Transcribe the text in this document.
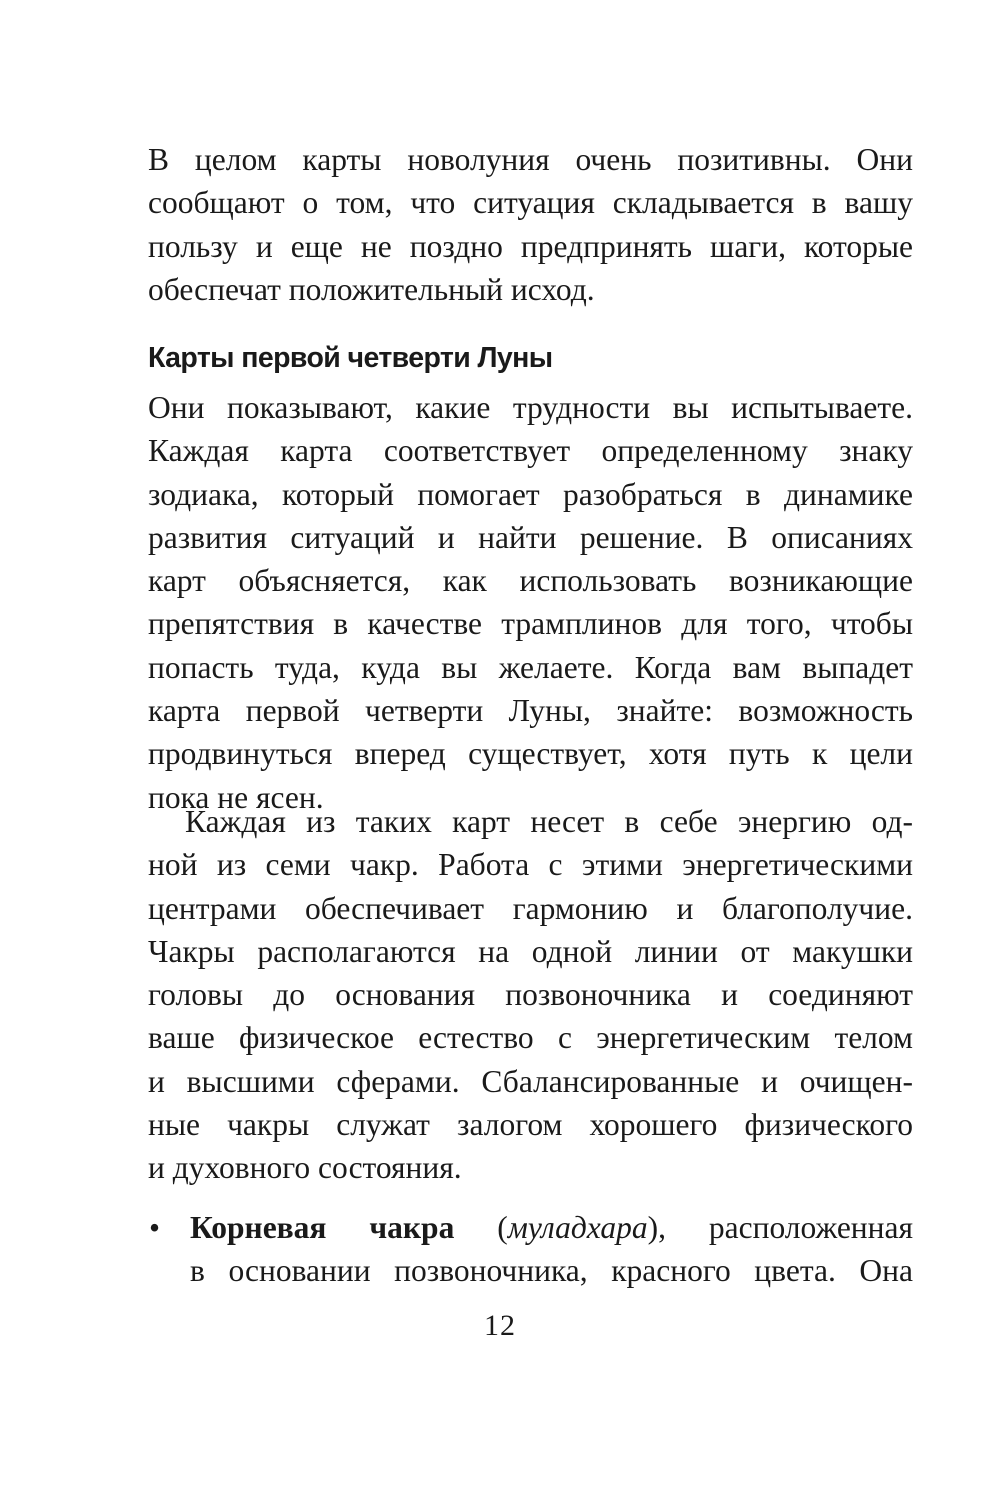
В целом карты новолуния очень позитивны. Они
сообщают о том, что ситуация складывается в вашу
пользу и еще не поздно предпринять шаги, которые
обеспечат положительный исход.
Карты первой четверти Луны
Они показывают, какие трудности вы испытываете.
Каждая карта соответствует определенному знаку
зодиака, который помогает разобраться в динамике
развития ситуаций и найти решение. В описаниях
карт объясняется, как использовать возникающие
препятствия в качестве трамплинов для того, чтобы
попасть туда, куда вы желаете. Когда вам выпадет
карта первой четверти Луны, знайте: возможность
продвинуться вперед существует, хотя путь к цели
пока не ясен.
Каждая из таких карт несет в себе энергию од-
ной из семи чакр. Работа с этими энергетическими
центрами обеспечивает гармонию и благополучие.
Чакры располагаются на одной линии от макушки
головы до основания позвоночника и соединяют
ваше физическое естество с энергетическим телом
и высшими сферами. Сбалансированные и очищен-
ные чакры служат залогом хорошего физического
и духовного состояния.
• Корневая чакра (муладхара), расположенная
в основании позвоночника, красного цвета. Она
12
